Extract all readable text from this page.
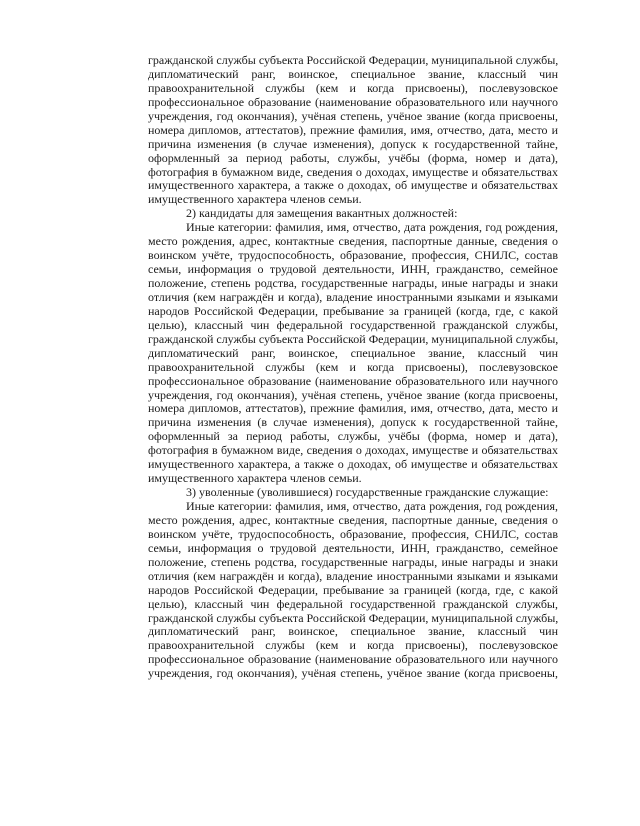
гражданской службы субъекта Российской Федерации, муниципальной службы,
дипломатический ранг, воинское, специальное звание, классный чин
правоохранительной службы (кем и когда присвоены), послевузовское
профессиональное образование (наименование образовательного или научного
учреждения, год окончания), учёная степень, учёное звание (когда присвоены,
номера дипломов, аттестатов), прежние фамилия, имя, отчество, дата, место и
причина изменения (в случае изменения), допуск к государственной тайне,
оформленный за период работы, службы, учёбы (форма, номер и дата),
фотография в бумажном виде, сведения о доходах, имуществе и обязательствах
имущественного характера, а также о доходах, об имуществе и обязательствах
имущественного характера членов семьи.
2) кандидаты для замещения вакантных должностей:
Иные категории: фамилия, имя, отчество, дата рождения, год рождения,
место рождения, адрес, контактные сведения, паспортные данные, сведения о
воинском учёте, трудоспособность, образование, профессия, СНИЛС, состав
семьи, информация о трудовой деятельности, ИНН, гражданство, семейное
положение, степень родства, государственные награды, иные награды и знаки
отличия (кем награждён и когда), владение иностранными языками и языками
народов Российской Федерации, пребывание за границей (когда, где, с какой
целью), классный чин федеральной государственной гражданской службы,
гражданской службы субъекта Российской Федерации, муниципальной службы,
дипломатический ранг, воинское, специальное звание, классный чин
правоохранительной службы (кем и когда присвоены), послевузовское
профессиональное образование (наименование образовательного или научного
учреждения, год окончания), учёная степень, учёное звание (когда присвоены,
номера дипломов, аттестатов), прежние фамилия, имя, отчество, дата, место и
причина изменения (в случае изменения), допуск к государственной тайне,
оформленный за период работы, службы, учёбы (форма, номер и дата),
фотография в бумажном виде, сведения о доходах, имуществе и обязательствах
имущественного характера, а также о доходах, об имуществе и обязательствах
имущественного характера членов семьи.
3) уволенные (уволившиеся) государственные гражданские служащие:
Иные категории: фамилия, имя, отчество, дата рождения, год рождения,
место рождения, адрес, контактные сведения, паспортные данные, сведения о
воинском учёте, трудоспособность, образование, профессия, СНИЛС, состав
семьи, информация о трудовой деятельности, ИНН, гражданство, семейное
положение, степень родства, государственные награды, иные награды и знаки
отличия (кем награждён и когда), владение иностранными языками и языками
народов Российской Федерации, пребывание за границей (когда, где, с какой
целью), классный чин федеральной государственной гражданской службы,
гражданской службы субъекта Российской Федерации, муниципальной службы,
дипломатический ранг, воинское, специальное звание, классный чин
правоохранительной службы (кем и когда присвоены), послевузовское
профессиональное образование (наименование образовательного или научного
учреждения, год окончания), учёная степень, учёное звание (когда присвоены,
